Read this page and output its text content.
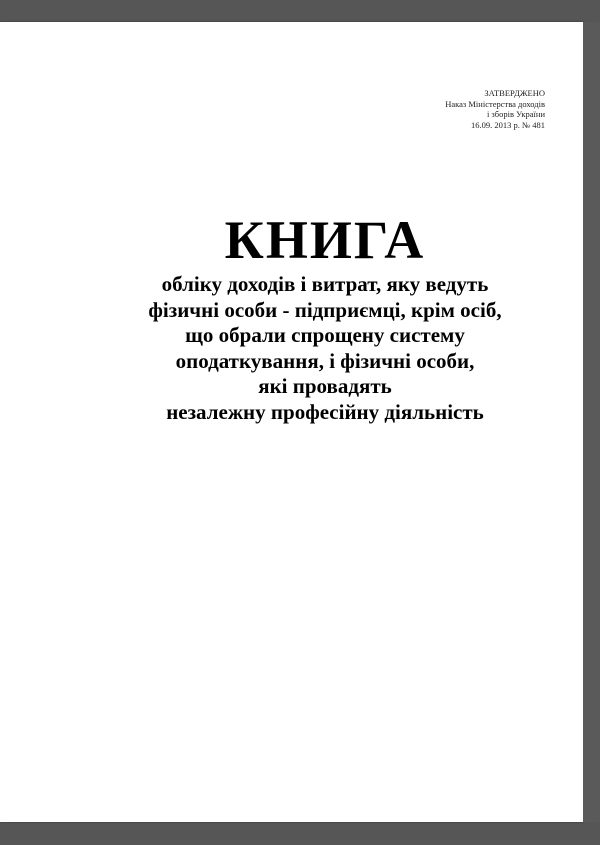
ЗАТВЕРДЖЕНО
Наказ Міністерства доходів
і зборів України
16.09. 2013 р. № 481
КНИГА
обліку доходів і витрат, яку ведуть
фізичні особи - підприємці, крім осіб,
що обрали спрощену систему
оподаткування, і фізичні особи,
які провадять
незалежну професійну діяльність
